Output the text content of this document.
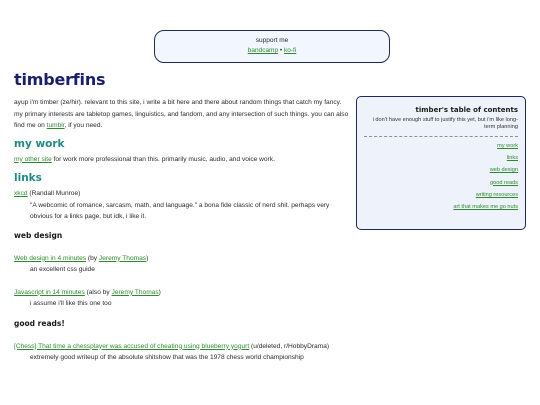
support me
bandcamp • ko-fi
timberfins

ayup i'm timber (ze/hir). relevant to this site, i write a bit here and there about random things that catch my fancy. my primary interests are tabletop games, linguistics, and fandom, and any intersection of such things. you can also find me on tumblr, if you need.

my work

my other site for work more professional than this. primarily music, audio, and voice work.

links

xkcd (Randall Munroe)

"A webcomic of romance, sarcasm, math, and language." a bona fide classic of nerd shit. perhaps very obvious for a links page, but idk, i like it.

web design

Web design in 4 minutes (by Jeremy Thomas)

an excellent css guide

Javascript in 14 minutes (also by Jeremy Thomas)

i assume i'll like this one too

good reads!

[Chess] That time a chessplayer was accused of cheating using blueberry yogurt (u/deleted, r/HobbyDrama)

extremely good writeup of the absolute shitshow that was the 1978 chess world championship

timber's table of contents
i don't have enough stuff to justify this yet, but i'm like long-term planning
my work
links
web design
good reads
writing resources
art that makes me go nuts
